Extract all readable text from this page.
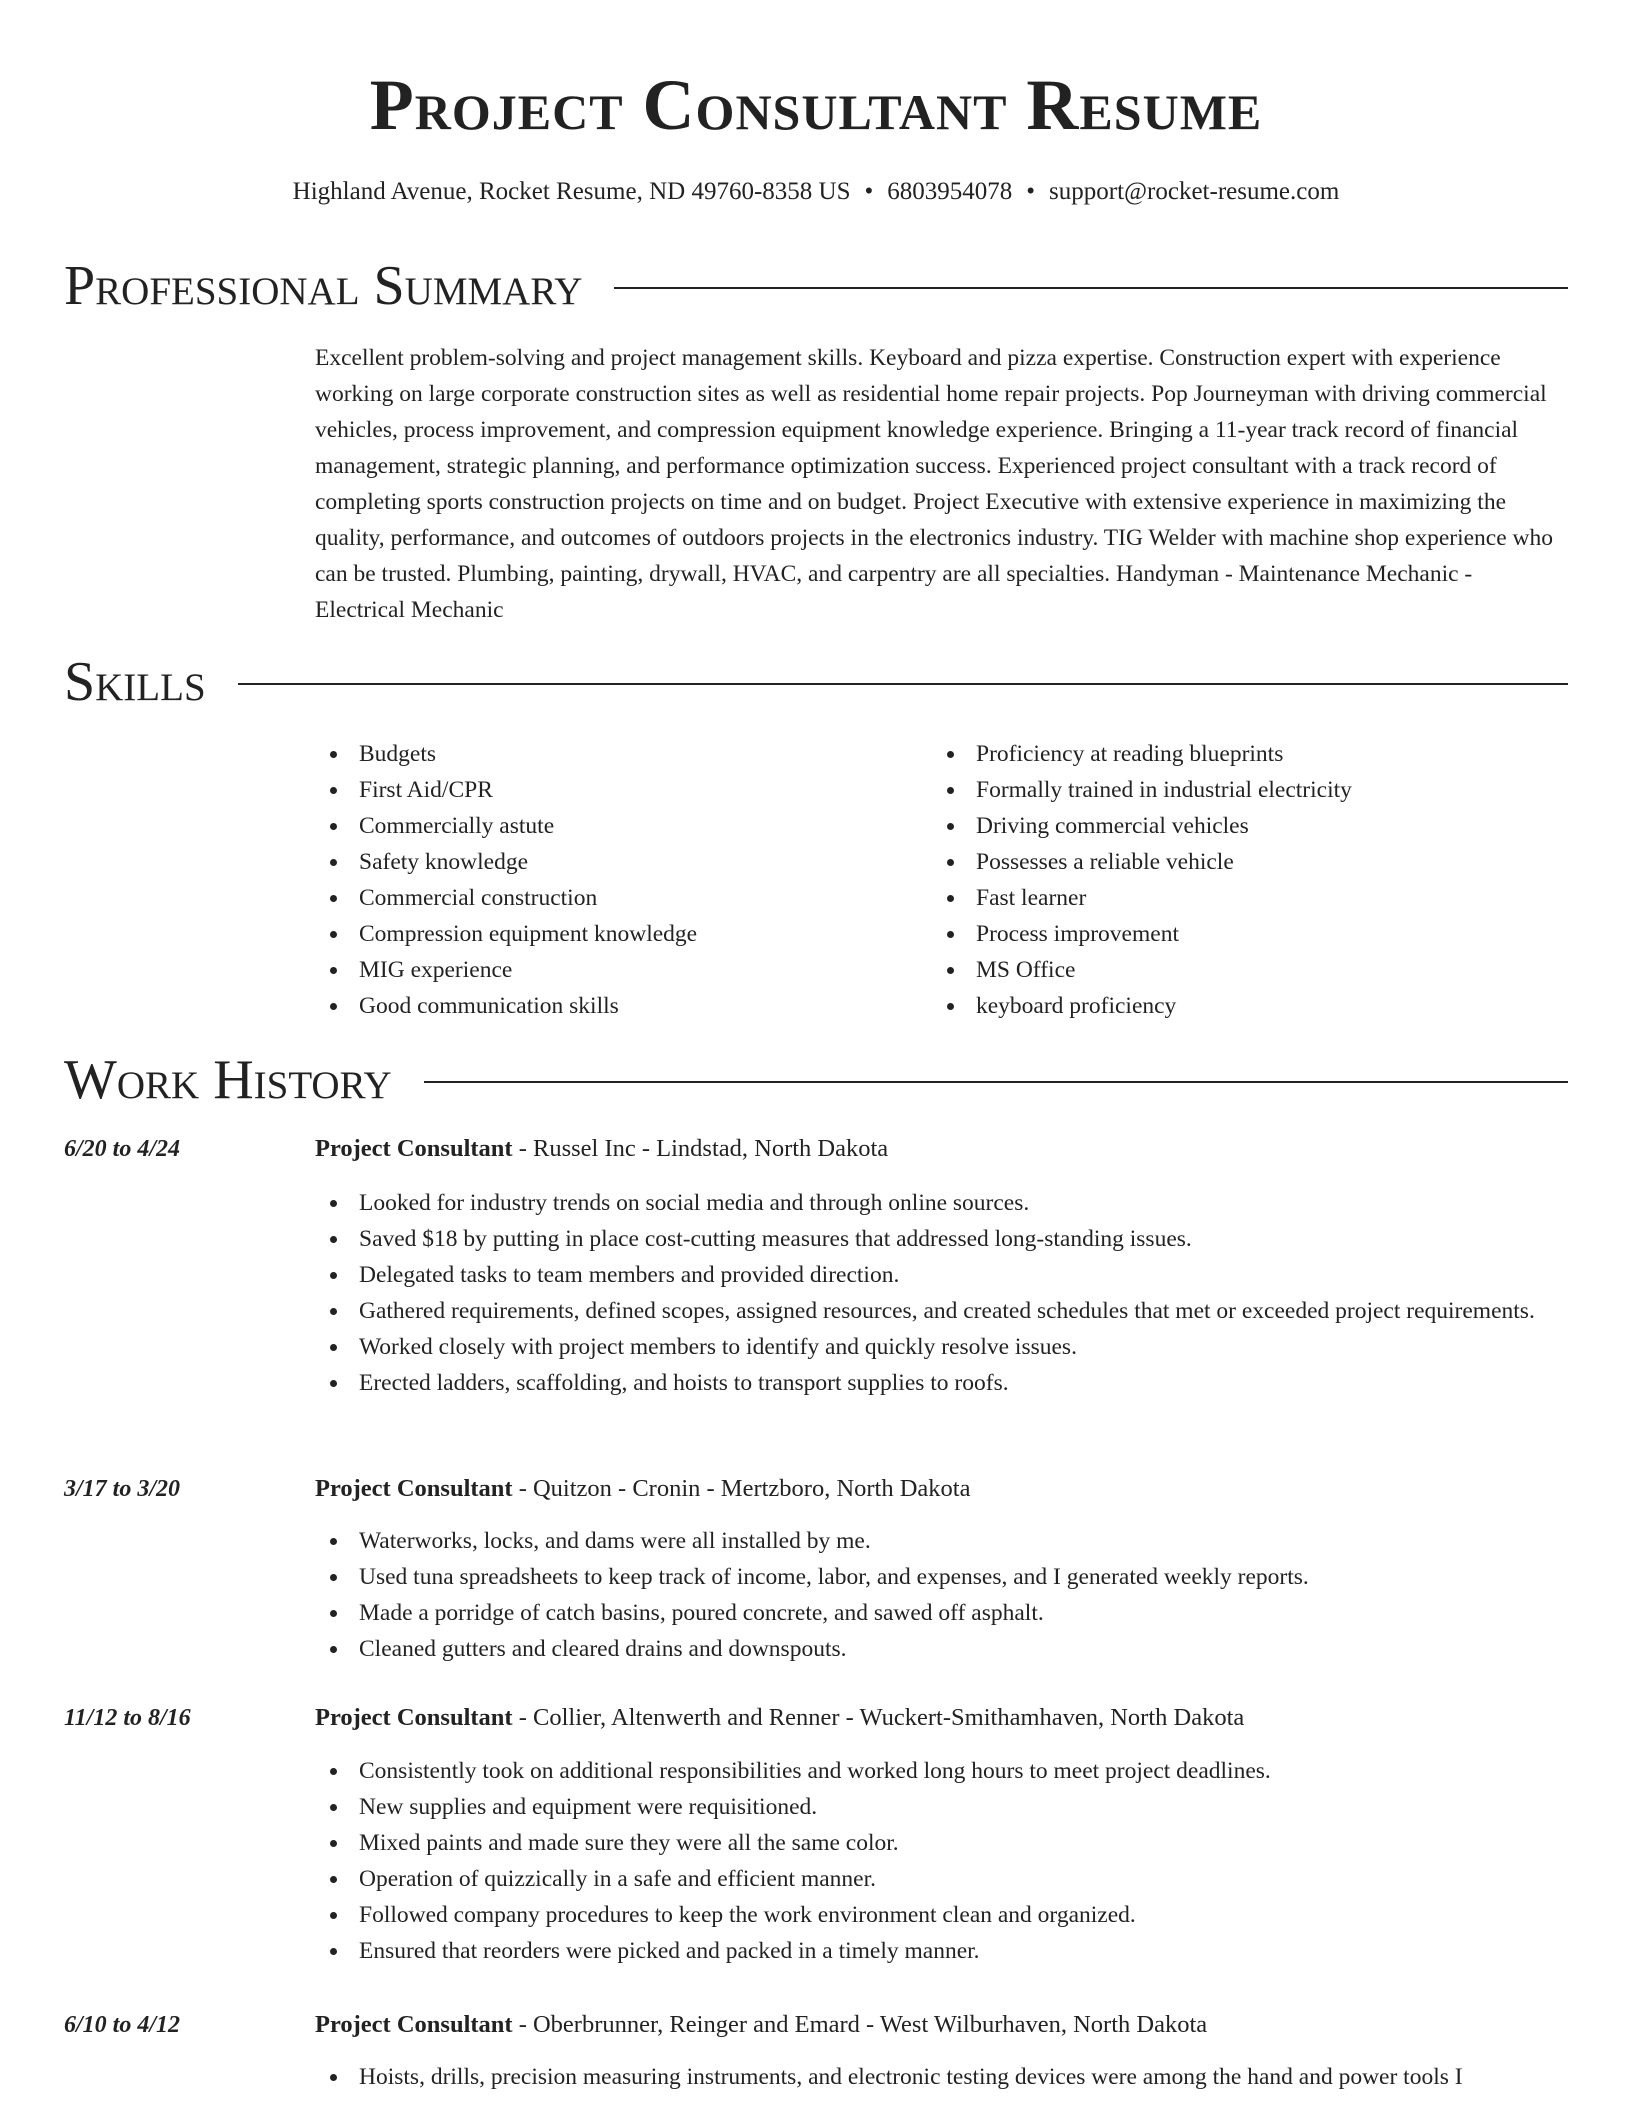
Project Consultant Resume
Highland Avenue, Rocket Resume, ND 49760-8358 US • 6803954078 • support@rocket-resume.com
Professional Summary

Excellent problem-solving and project management skills. Keyboard and pizza expertise. Construction expert with experience working on large corporate construction sites as well as residential home repair projects. Pop Journeyman with driving commercial vehicles, process improvement, and compression equipment knowledge experience. Bringing a 11-year track record of financial management, strategic planning, and performance optimization success. Experienced project consultant with a track record of completing sports construction projects on time and on budget. Project Executive with extensive experience in maximizing the quality, performance, and outcomes of outdoors projects in the electronics industry. TIG Welder with machine shop experience who can be trusted. Plumbing, painting, drywall, HVAC, and carpentry are all specialties. Handyman - Maintenance Mechanic - Electrical Mechanic

Skills
Budgets
First Aid/CPR
Commercially astute
Safety knowledge
Commercial construction
Compression equipment knowledge
MIG experience
Good communication skills
Proficiency at reading blueprints
Formally trained in industrial electricity
Driving commercial vehicles
Possesses a reliable vehicle
Fast learner
Process improvement
MS Office
keyboard proficiency
Work History
6/20 to 4/24	Project Consultant - Russel Inc - Lindstad, North Dakota
Looked for industry trends on social media and through online sources.
Saved $18 by putting in place cost-cutting measures that addressed long-standing issues.
Delegated tasks to team members and provided direction.
Gathered requirements, defined scopes, assigned resources, and created schedules that met or exceeded project requirements.
Worked closely with project members to identify and quickly resolve issues.
Erected ladders, scaffolding, and hoists to transport supplies to roofs.
3/17 to 3/20	Project Consultant - Quitzon - Cronin - Mertzboro, North Dakota
Waterworks, locks, and dams were all installed by me.
Used tuna spreadsheets to keep track of income, labor, and expenses, and I generated weekly reports.
Made a porridge of catch basins, poured concrete, and sawed off asphalt.
Cleaned gutters and cleared drains and downspouts.
11/12 to 8/16	Project Consultant - Collier, Altenwerth and Renner - Wuckert-Smithamhaven, North Dakota
Consistently took on additional responsibilities and worked long hours to meet project deadlines.
New supplies and equipment were requisitioned.
Mixed paints and made sure they were all the same color.
Operation of quizzically in a safe and efficient manner.
Followed company procedures to keep the work environment clean and organized.
Ensured that reorders were picked and packed in a timely manner.
6/10 to 4/12	Project Consultant - Oberbrunner, Reinger and Emard - West Wilburhaven, North Dakota
Hoists, drills, precision measuring instruments, and electronic testing devices were among the hand and power tools I
